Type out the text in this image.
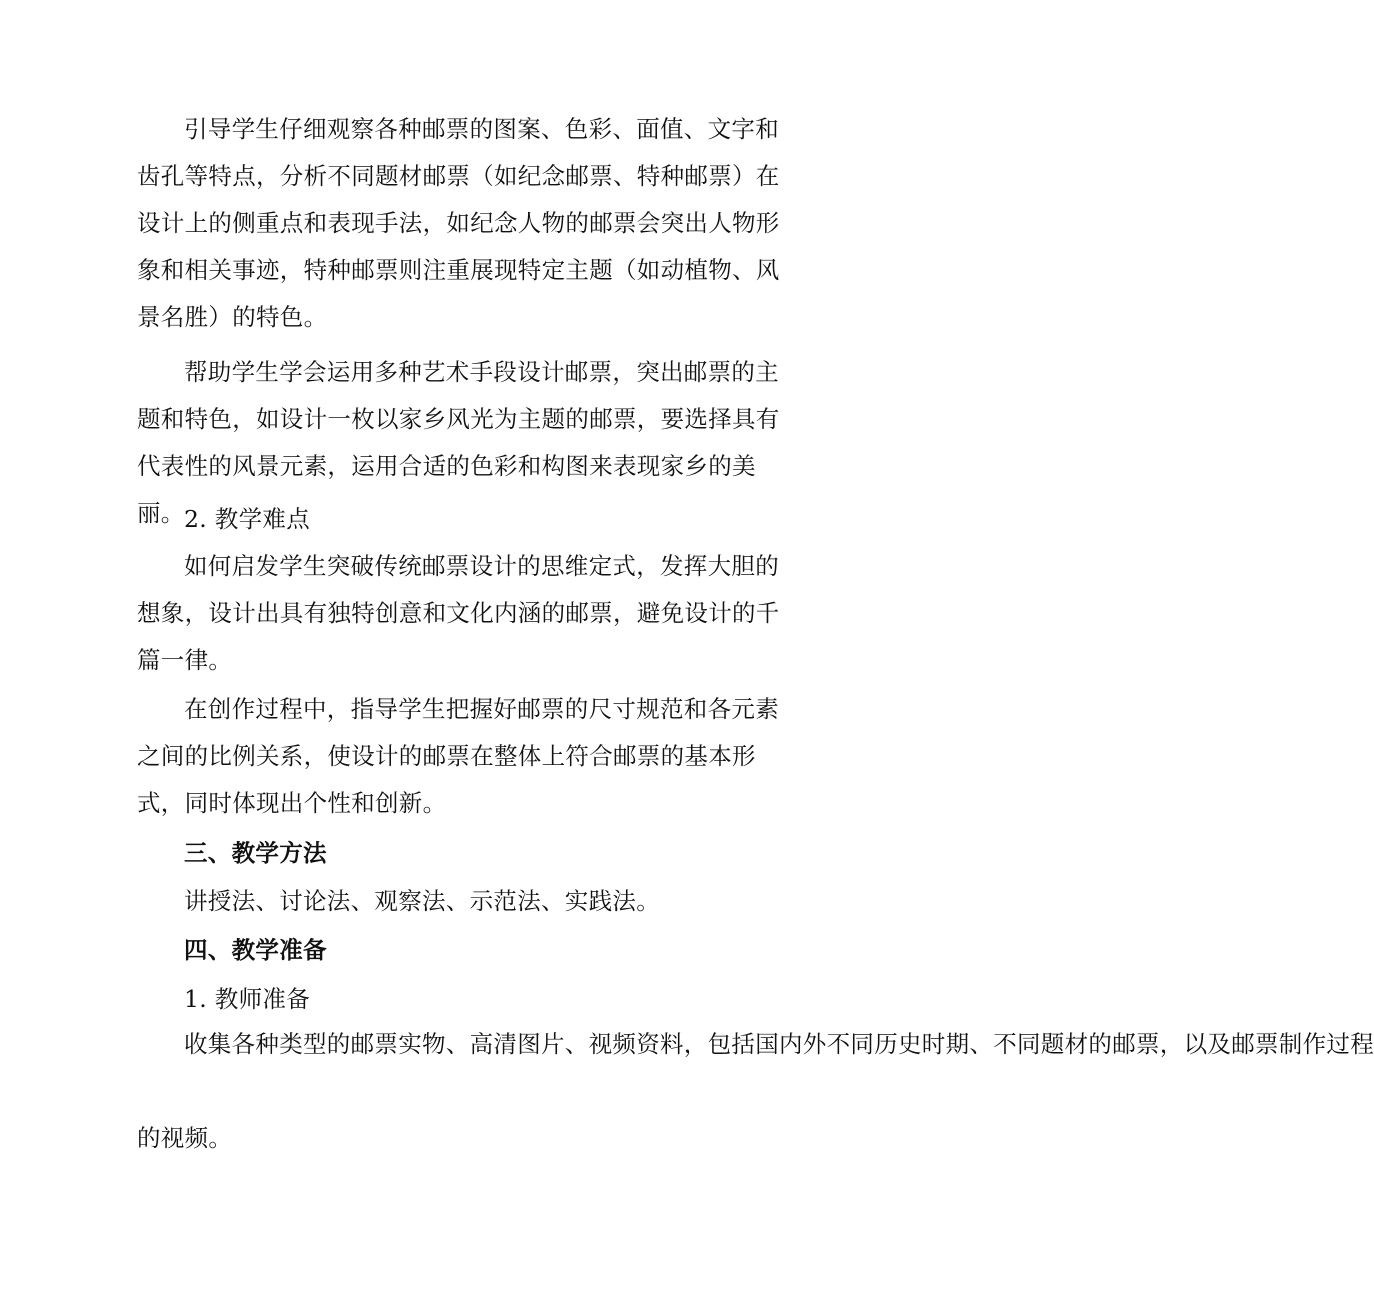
引导学生仔细观察各种邮票的图案、色彩、面值、文字和齿孔等特点，分析不同题材邮票（如纪念邮票、特种邮票）在设计上的侧重点和表现手法，如纪念人物的邮票会突出人物形象和相关事迹，特种邮票则注重展现特定主题（如动植物、风景名胜）的特色。

帮助学生学会运用多种艺术手段设计邮票，突出邮票的主题和特色，如设计一枚以家乡风光为主题的邮票，要选择具有代表性的风景元素，运用合适的色彩和构图来表现家乡的美丽。 2. 教学难点

如何启发学生突破传统邮票设计的思维定式，发挥大胆的想象，设计出具有独特创意和文化内涵的邮票，避免设计的千篇一律。

在创作过程中，指导学生把握好邮票的尺寸规范和各元素之间的比例关系，使设计的邮票在整体上符合邮票的基本形式，同时体现出个性和创新。

三、教学方法

讲授法、讨论法、观察法、示范法、实践法。

四、教学准备

1. 教师准备

收集各种类型的邮票实物、高清图片、视频资料，包括国内外不同历史时期、不同题材的邮票，以及邮票制作过程

的视频。
